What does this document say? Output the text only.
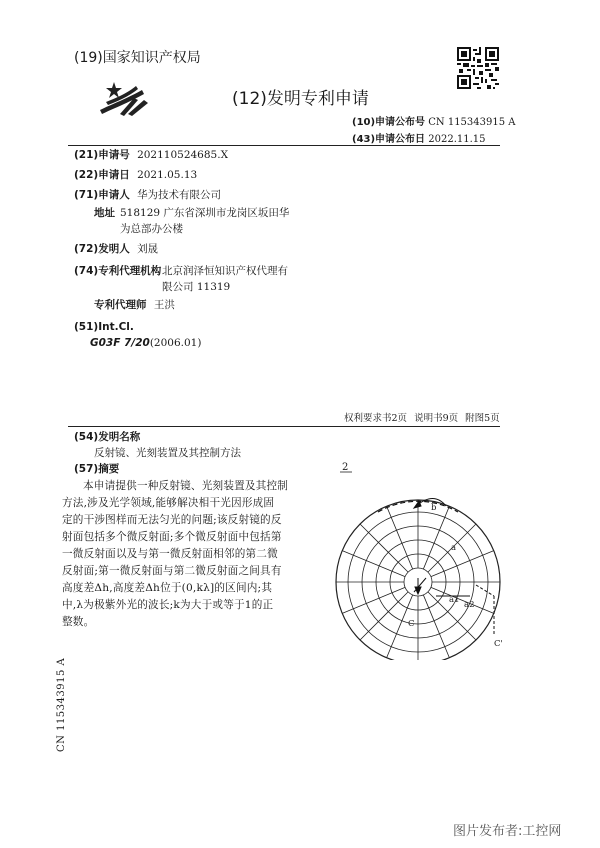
(19)国家知识产权局
(12)发明专利申请
(10)申请公布号 CN 115343915 A
(43)申请公布日 2022.11.15
(21)申请号 202110524685.X
(22)申请日 2021.05.13
(71)申请人 华为技术有限公司
地址 518129 广东省深圳市龙岗区坂田华
为总部办公楼
(72)发明人 刘晟
(74)专利代理机构 北京润泽恒知识产权代理有
限公司 11319
专利代理师 王洪
(51)Int.Cl.
G03F 7/20(2006.01)
权利要求书2页 说明书9页 附图5页
(54)发明名称
反射镜、光刻装置及其控制方法
(57)摘要
本申请提供一种反射镜、光刻装置及其控制
方法,涉及光学领域,能够解决相干光因形成固
定的干涉图样而无法匀光的问题;该反射镜的反
射面包括多个微反射面;多个微反射面中包括第
一微反射面以及与第一微反射面相邻的第二微
反射面;第一微反射面与第二微反射面之间具有
高度差Δh,高度差Δh位于(0,kλ]的区间内;其
中,λ为极紫外光的波长;k为大于或等于1的正
整数。
2
b
a
a1 a2
C
C'
CN 115343915 A
图片发布者:工控网
